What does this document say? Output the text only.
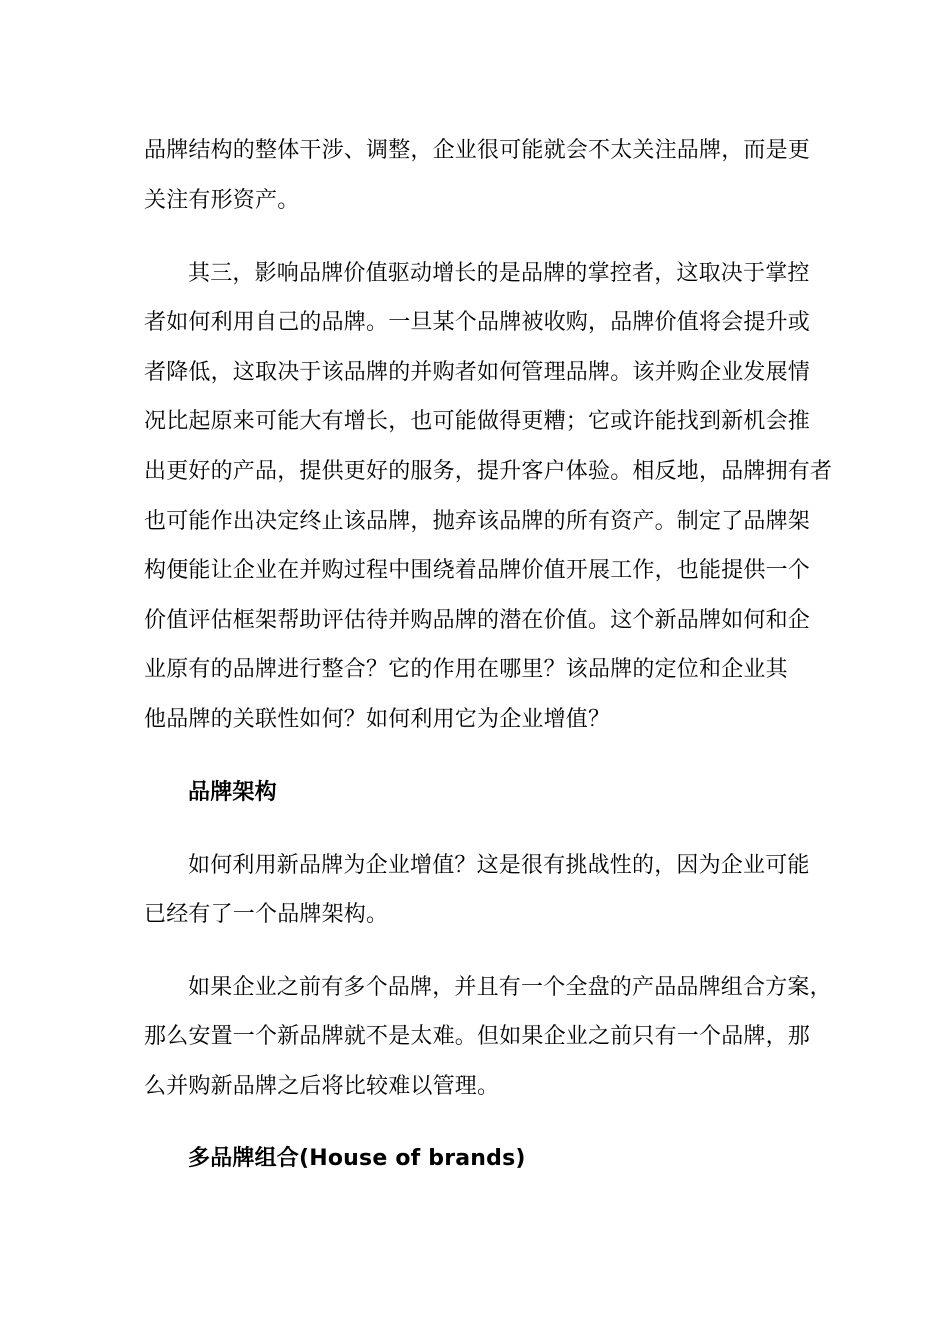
品牌结构的整体干涉、调整，企业很可能就会不太关注品牌，而是更
关注有形资产。
其三，影响品牌价值驱动增长的是品牌的掌控者，这取决于掌控
者如何利用自己的品牌。一旦某个品牌被收购，品牌价值将会提升或
者降低，这取决于该品牌的并购者如何管理品牌。该并购企业发展情
况比起原来可能大有增长，也可能做得更糟；它或许能找到新机会推
出更好的产品，提供更好的服务，提升客户体验。相反地，品牌拥有者
也可能作出决定终止该品牌，抛弃该品牌的所有资产。制定了品牌架
构便能让企业在并购过程中围绕着品牌价值开展工作，也能提供一个
价值评估框架帮助评估待并购品牌的潜在价值。这个新品牌如何和企
业原有的品牌进行整合？它的作用在哪里？该品牌的定位和企业其
他品牌的关联性如何？如何利用它为企业增值？
品牌架构
如何利用新品牌为企业增值？这是很有挑战性的，因为企业可能
已经有了一个品牌架构。
如果企业之前有多个品牌，并且有一个全盘的产品品牌组合方案，
那么安置一个新品牌就不是太难。但如果企业之前只有一个品牌，那
么并购新品牌之后将比较难以管理。
多品牌组合(House of brands)
